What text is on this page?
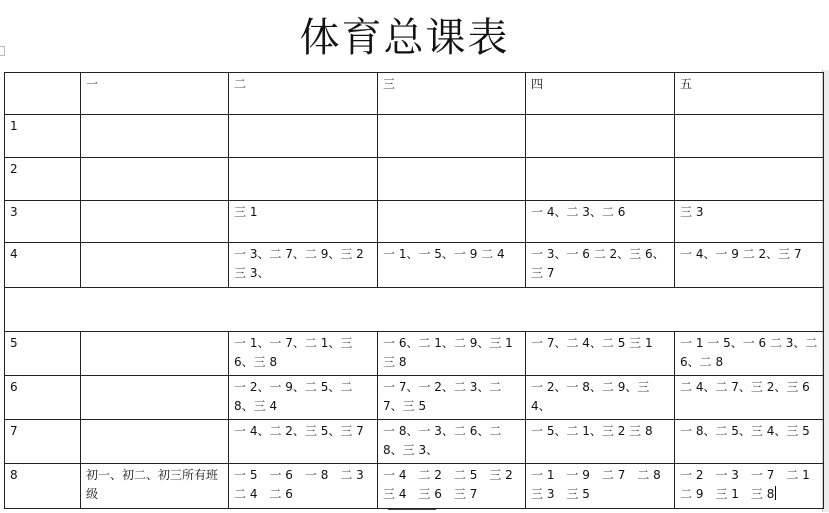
体育总课表
	一	二	三	四	五
1					
2					
3		三 1		一 4、二 3、二 6	三 3
4		一 3、二 7、二 9、三 2 三 3、	一 1、一 5、一 9 二 4	一 3、一 6 二 2、三 6、三 7	一 4、一 9 二 2、三 7

5		一 1、一 7、二 1、三 6、三 8	一 6、二 1、二 9、三 1 三 8	一 7、二 4、二 5 三 1	一 1 一 5、一 6 二 3、二 6、二 8
6		一 2、一 9、二 5、二 8、三 4	一 7、一 2、二 3、二 7、三 5	一 2、一 8、二 9、三 4、	二 4、二 7、三 2、三 6
7		一 4、二 2、三 5、三 7	一 8、一 3、二 6、二 8、三 3、	一 5、二 1、三 2 三 8	一 8、二 5、三 4、三 5
8	初一、初二、初三所有班级	一 5　一 6　一 8　二 3　二 4　二 6	一 4　二 2　二 5　三 2　三 4　三 6　三 7	一 1　一 9　二 7　二 8　三 3　三 5	一 2　一 3　一 7　二 1　二 9　三 1　三 8
